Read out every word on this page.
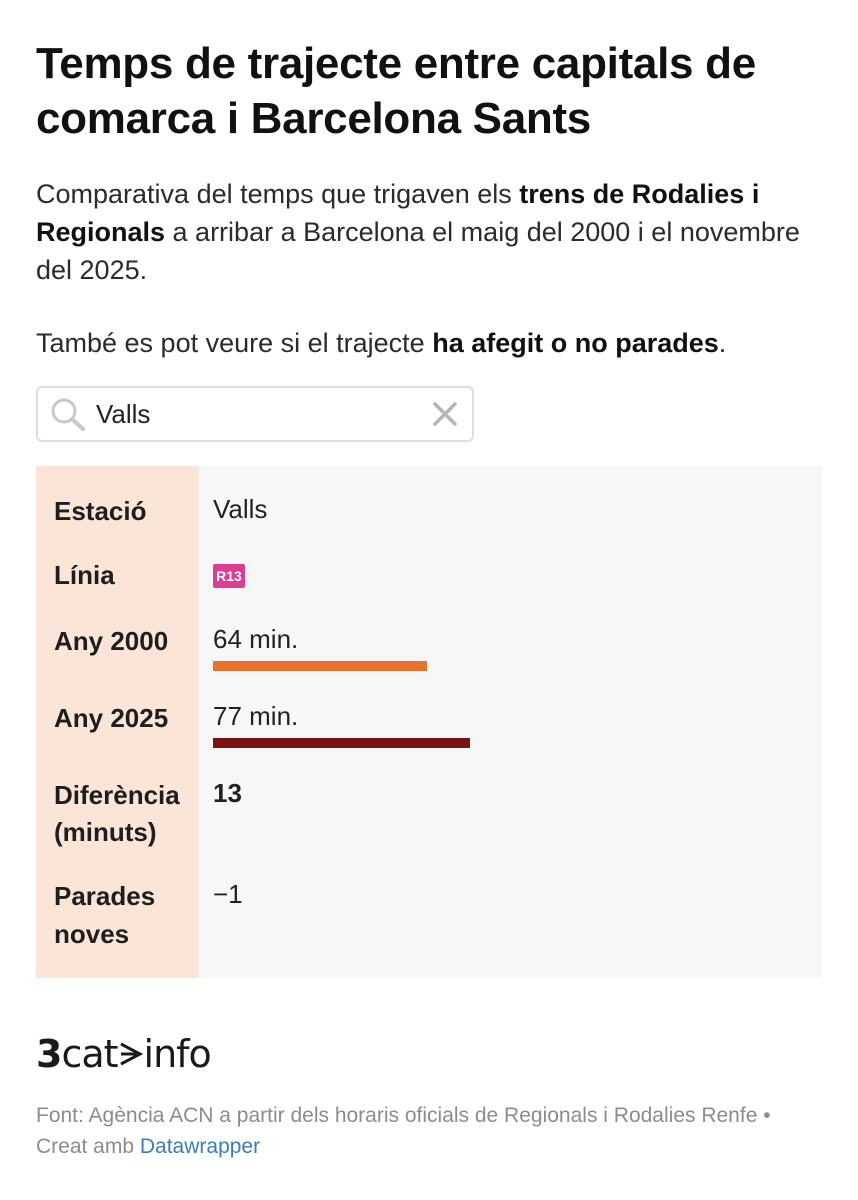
Temps de trajecte entre capitals de comarca i Barcelona Sants
Comparativa del temps que trigaven els trens de Rodalies i Regionals a arribar a Barcelona el maig del 2000 i el novembre del 2025.
També es pot veure si el trajecte ha afegit o no parades.
Valls
Estació	Valls
Línia	R13
Any 2000 64 min.
Any 2025 77 min.
Diferència
(minuts)
13
Parades
noves
−1
3cat info
Font: Agència ACN a partir dels horaris oficials de Regionals i Rodalies Renfe • Creat amb Datawrapper
